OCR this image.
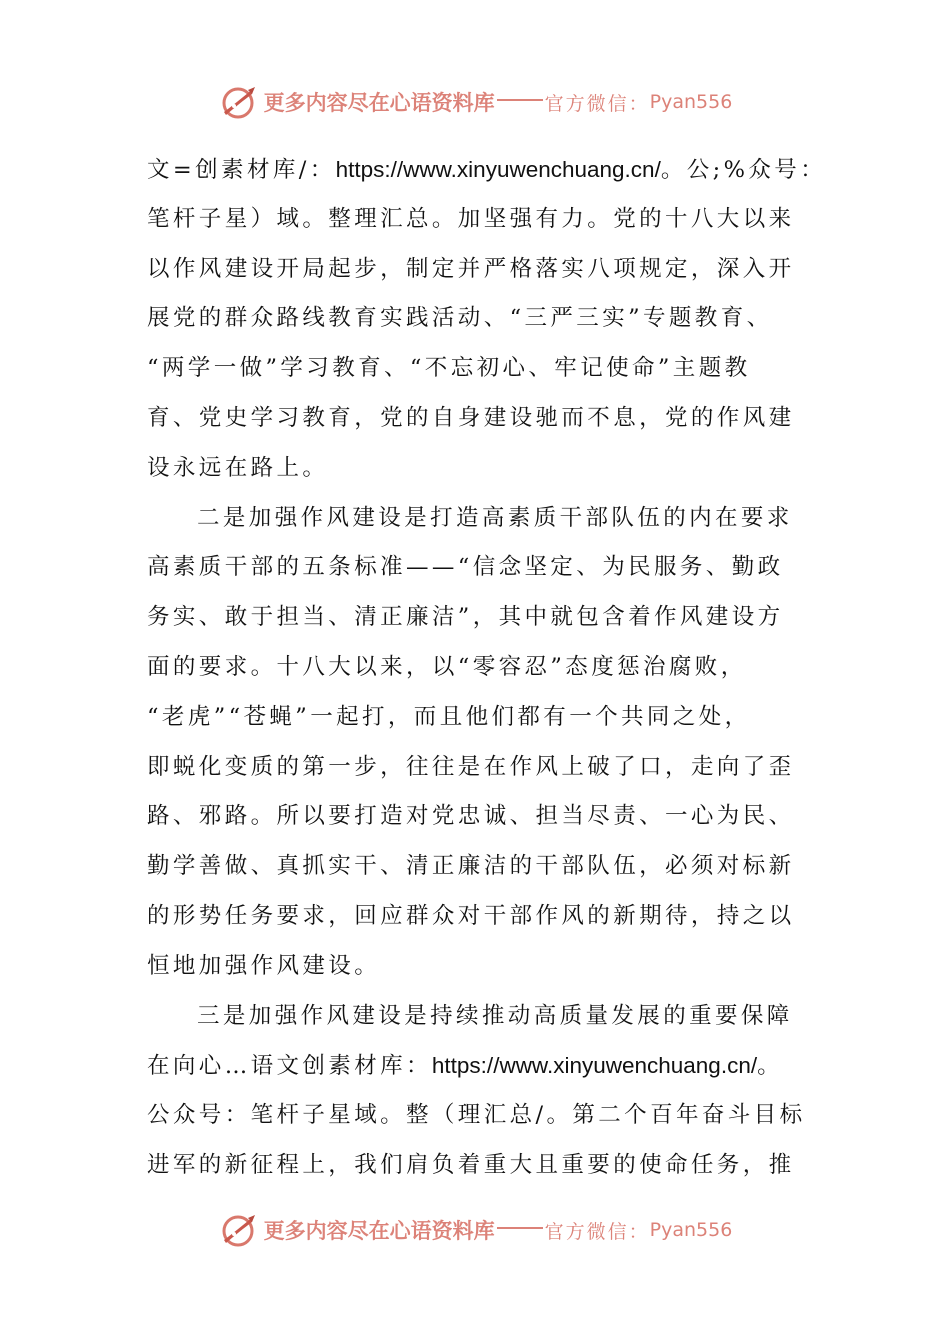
更多内容尽在心语资料库	官方微信： Pyan556
文=创素材库/：https://www.xinyuwenchuang.cn/。公;%众号：
笔杆子星）域。整理汇总。加坚强有力。党的十八大以来
以作风建设开局起步，制定并严格落实八项规定，深入开
展党的群众路线教育实践活动、“三严三实”专题教育、
“两学一做”学习教育、“不忘初心、牢记使命”主题教
育、党史学习教育，党的自身建设驰而不息，党的作风建
设永远在路上。
二是加强作风建设是打造高素质干部队伍的内在要求
高素质干部的五条标准——“信念坚定、为民服务、勤政
务实、敢于担当、清正廉洁”，其中就包含着作风建设方
面的要求。十八大以来，以“零容忍”态度惩治腐败，
“老虎”“苍蝇”一起打，而且他们都有一个共同之处，
即蜕化变质的第一步，往往是在作风上破了口，走向了歪
路、邪路。所以要打造对党忠诚、担当尽责、一心为民、
勤学善做、真抓实干、清正廉洁的干部队伍，必须对标新
的形势任务要求，回应群众对干部作风的新期待，持之以
恒地加强作风建设。
三是加强作风建设是持续推动高质量发展的重要保障
在向心…语文创素材库：https://www.xinyuwenchuang.cn/。
公众号：笔杆子星域。整（理汇总/。第二个百年奋斗目标
进军的新征程上，我们肩负着重大且重要的使命任务，推
更多内容尽在心语资料库	官方微信： Pyan556
